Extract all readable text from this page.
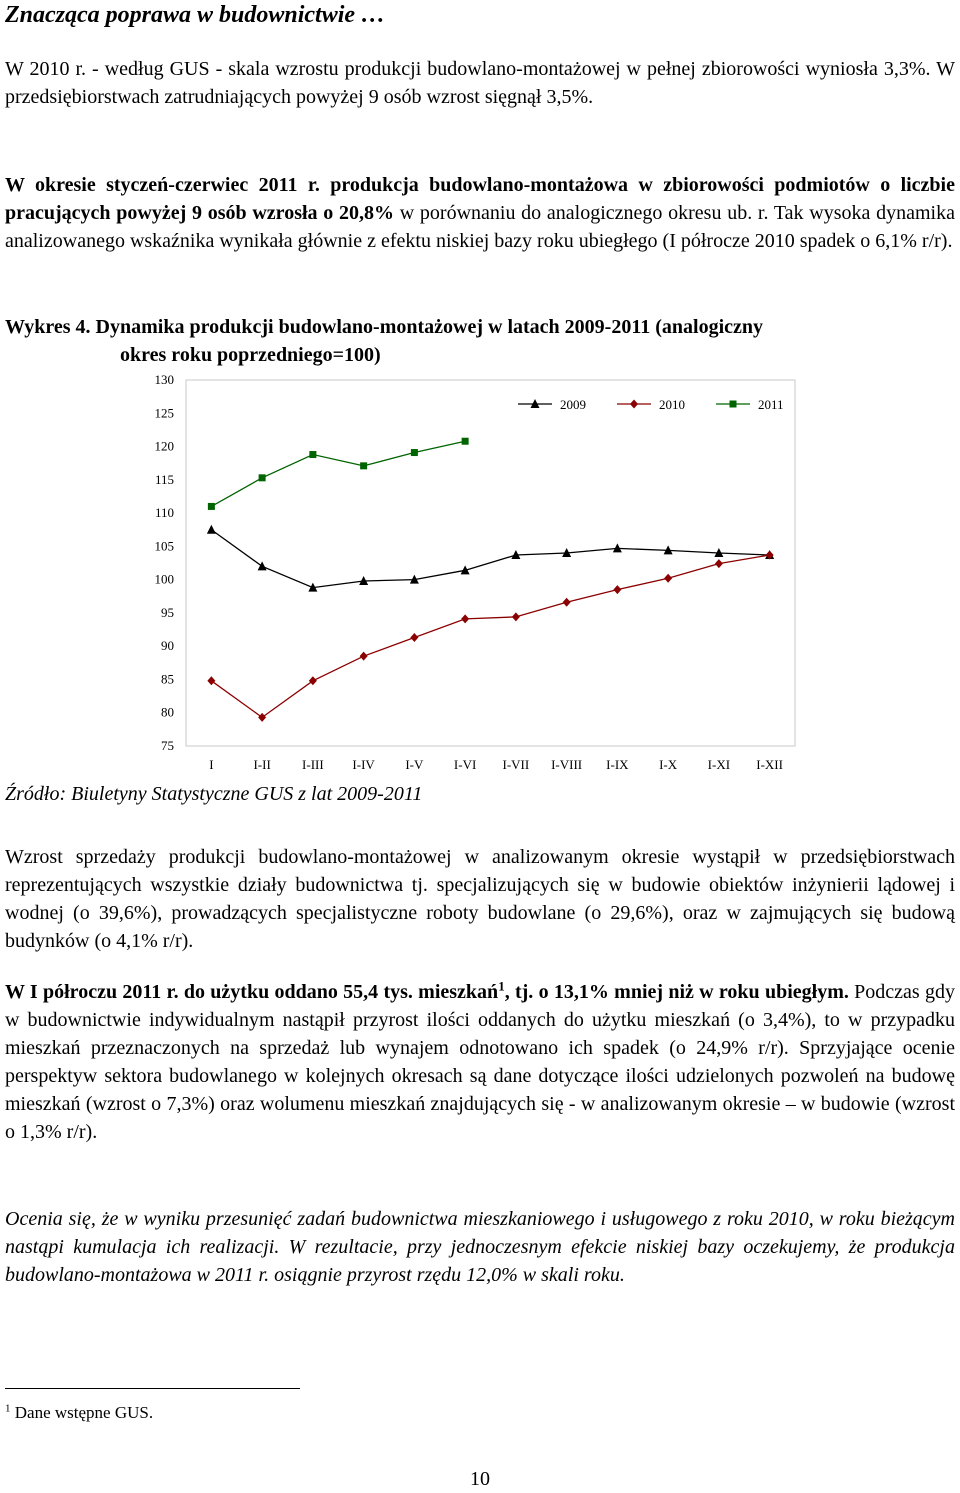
Znacząca poprawa w budownictwie …

W 2010 r. - według GUS - skala wzrostu produkcji budowlano-montażowej w pełnej zbiorowości wyniosła 3,3%. W przedsiębiorstwach zatrudniających powyżej 9 osób wzrost sięgnął 3,5%.

W okresie styczeń-czerwiec 2011 r. produkcja budowlano-montażowa w zbiorowości podmiotów o liczbie pracujących powyżej 9 osób wzrosła o 20,8% w porównaniu do analogicznego okresu ub. r. Tak wysoka dynamika analizowanego wskaźnika wynikała głównie z efektu niskiej bazy roku ubiegłego (I półrocze 2010 spadek o 6,1% r/r).

Wykres 4. Dynamika produkcji budowlano-montażowej w latach 2009-2011 (analogiczny
okres roku poprzedniego=100)
75
80
85
90
95
100
105
110
115
120
125
130
I	I-II I-III I-IV I-V I-VI I-VII I-VIII I-IX I-X I-XI I-XII
2009	2010	2011
Źródło: Biuletyny Statystyczne GUS z lat 2009-2011

Wzrost sprzedaży produkcji budowlano-montażowej w analizowanym okresie wystąpił w przedsiębiorstwach reprezentujących wszystkie działy budownictwa tj. specjalizujących się w budowie obiektów inżynierii lądowej i wodnej (o 39,6%), prowadzących specjalistyczne roboty budowlane (o 29,6%), oraz w zajmujących się budową budynków (o 4,1% r/r).

W I półroczu 2011 r. do użytku oddano 55,4 tys. mieszkań$^1$, tj. o 13,1% mniej niż w roku ubiegłym. Podczas gdy w budownictwie indywidualnym nastąpił przyrost ilości oddanych do użytku mieszkań (o 3,4%), to w przypadku mieszkań przeznaczonych na sprzedaż lub wynajem odnotowano ich spadek (o 24,9% r/r). Sprzyjające ocenie perspektyw sektora budowlanego w kolejnych okresach są dane dotyczące ilości udzielonych pozwoleń na budowę mieszkań (wzrost o 7,3%) oraz wolumenu mieszkań znajdujących się - w analizowanym okresie – w budowie (wzrost o 1,3% r/r).

Ocenia się, że w wyniku przesunięć zadań budownictwa mieszkaniowego i usługowego z roku 2010, w roku bieżącym nastąpi kumulacja ich realizacji. W rezultacie, przy jednoczesnym efekcie niskiej bazy oczekujemy, że produkcja budowlano-montażowa w 2011 r. osiągnie przyrost rzędu 12,0% w skali roku.

$^1$ Dane wstępne GUS.
10
